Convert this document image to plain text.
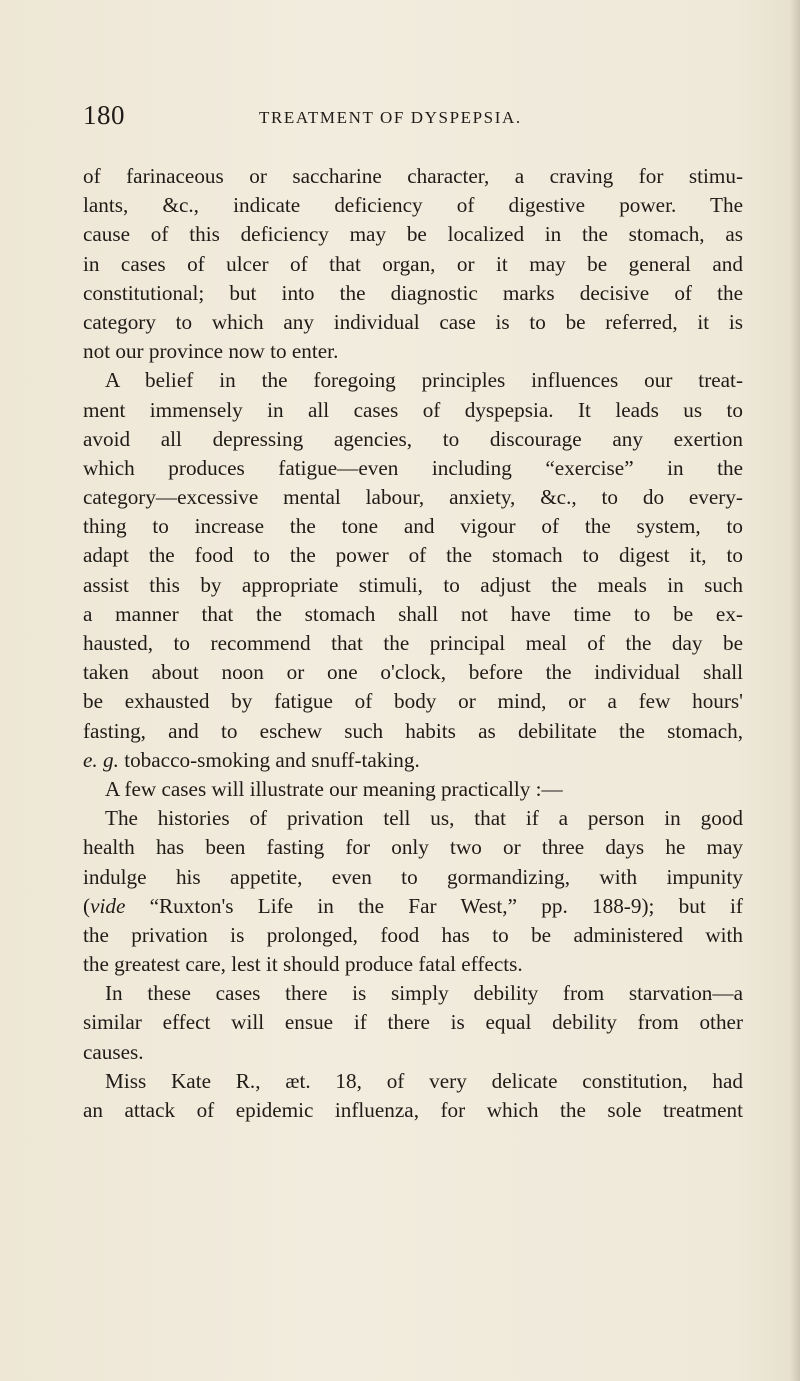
180	TREATMENT OF DYSPEPSIA.
of farinaceous or saccharine character, a craving for stimu-
lants, &c., indicate deficiency of digestive power. The
cause of this deficiency may be localized in the stomach, as
in cases of ulcer of that organ, or it may be general and
constitutional; but into the diagnostic marks decisive of the
category to which any individual case is to be referred, it is
not our province now to enter.
A belief in the foregoing principles influences our treat-
ment immensely in all cases of dyspepsia. It leads us to
avoid all depressing agencies, to discourage any exertion
which produces fatigue—even including “exercise” in the
category—excessive mental labour, anxiety, &c., to do every-
thing to increase the tone and vigour of the system, to
adapt the food to the power of the stomach to digest it, to
assist this by appropriate stimuli, to adjust the meals in such
a manner that the stomach shall not have time to be ex-
hausted, to recommend that the principal meal of the day be
taken about noon or one o'clock, before the individual shall
be exhausted by fatigue of body or mind, or a few hours'
fasting, and to eschew such habits as debilitate the stomach,
e. g. tobacco-smoking and snuff-taking.
A few cases will illustrate our meaning practically :—
The histories of privation tell us, that if a person in good
health has been fasting for only two or three days he may
indulge his appetite, even to gormandizing, with impunity
(vide “Ruxton's Life in the Far West,” pp. 188-9); but if
the privation is prolonged, food has to be administered with
the greatest care, lest it should produce fatal effects.
In these cases there is simply debility from starvation—a
similar effect will ensue if there is equal debility from other
causes.
Miss Kate R., æt. 18, of very delicate constitution, had
an attack of epidemic influenza, for which the sole treatment
